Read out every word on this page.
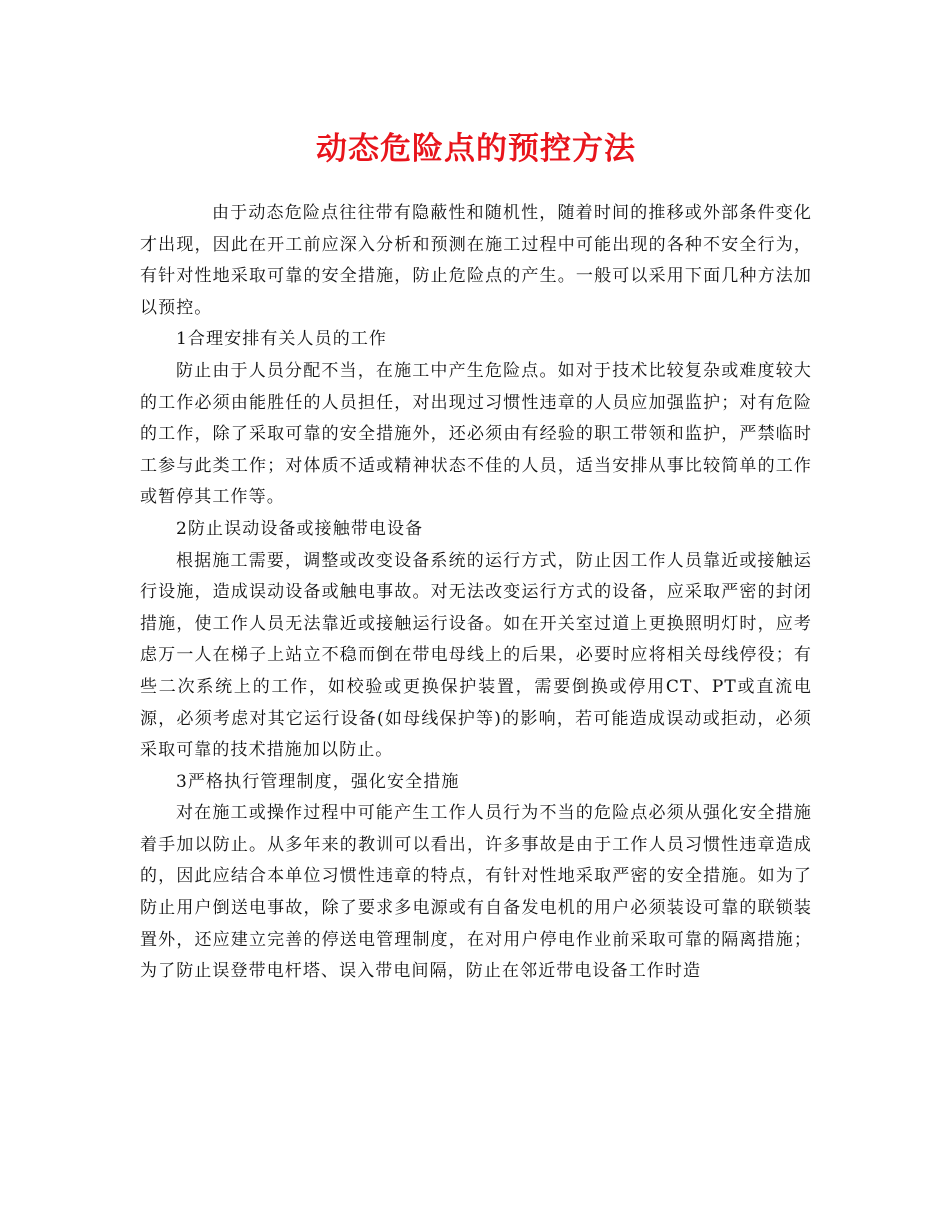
动态危险点的预控方法

由于动态危险点往往带有隐蔽性和随机性，随着时间的推移或外部条件变化才出现，因此在开工前应深入分析和预测在施工过程中可能出现的各种不安全行为，有针对性地采取可靠的安全措施，防止危险点的产生。一般可以采用下面几种方法加以预控。

1合理安排有关人员的工作

防止由于人员分配不当，在施工中产生危险点。如对于技术比较复杂或难度较大的工作必须由能胜任的人员担任，对出现过习惯性违章的人员应加强监护；对有危险的工作，除了采取可靠的安全措施外，还必须由有经验的职工带领和监护，严禁临时工参与此类工作；对体质不适或精神状态不佳的人员，适当安排从事比较简单的工作或暂停其工作等。

2防止误动设备或接触带电设备

根据施工需要，调整或改变设备系统的运行方式，防止因工作人员靠近或接触运行设施，造成误动设备或触电事故。对无法改变运行方式的设备，应采取严密的封闭措施，使工作人员无法靠近或接触运行设备。如在开关室过道上更换照明灯时，应考虑万一人在梯子上站立不稳而倒在带电母线上的后果，必要时应将相关母线停役；有些二次系统上的工作，如校验或更换保护装置，需要倒换或停用CT、PT或直流电源，必须考虑对其它运行设备(如母线保护等)的影响，若可能造成误动或拒动，必须采取可靠的技术措施加以防止。

3严格执行管理制度，强化安全措施

对在施工或操作过程中可能产生工作人员行为不当的危险点必须从强化安全措施着手加以防止。从多年来的教训可以看出，许多事故是由于工作人员习惯性违章造成的，因此应结合本单位习惯性违章的特点，有针对性地采取严密的安全措施。如为了防止用户倒送电事故，除了要求多电源或有自备发电机的用户必须装设可靠的联锁装置外，还应建立完善的停送电管理制度，在对用户停电作业前采取可靠的隔离措施；为了防止误登带电杆塔、误入带电间隔，防止在邻近带电设备工作时造
